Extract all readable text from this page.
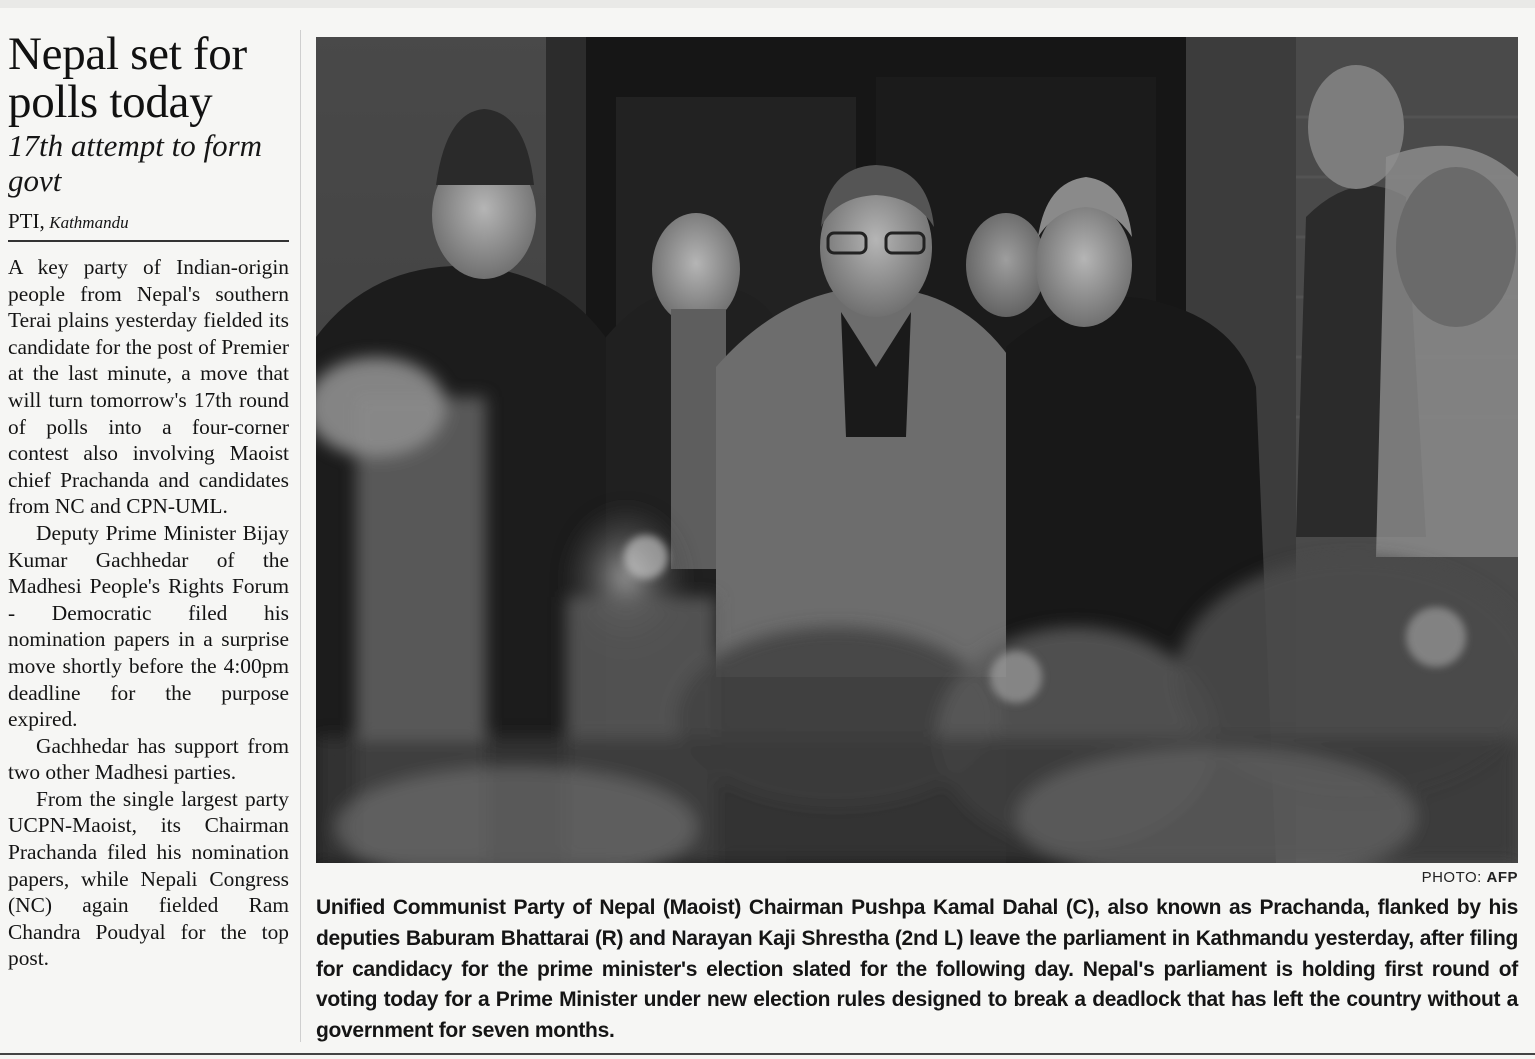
Nepal set for polls today
17th attempt to form govt
PTI, Kathmandu

A key party of Indian-origin people from Nepal's southern Terai plains yesterday fielded its candidate for the post of Premier at the last minute, a move that will turn tomorrow's 17th round of polls into a four-corner contest also involving Maoist chief Prachanda and candidates from NC and CPN-UML.

Deputy Prime Minister Bijay Kumar Gachhedar of the Madhesi People's Rights Forum - Democratic filed his nomination papers in a surprise move shortly before the 4:00pm deadline for the purpose expired.

Gachhedar has support from two other Madhesi parties.

From the single largest party UCPN-Maoist, its Chairman Prachanda filed his nomination papers, while Nepali Congress (NC) again fielded Ram Chandra Poudyal for the top post.

PHOTO: AFP
Unified Communist Party of Nepal (Maoist) Chairman Pushpa Kamal Dahal (C), also known as Prachanda, flanked by his deputies Baburam Bhattarai (R) and Narayan Kaji Shrestha (2nd L) leave the parliament in Kathmandu yesterday, after filing for candidacy for the prime minister's election slated for the following day. Nepal's parliament is holding first round of voting today for a Prime Minister under new election rules designed to break a deadlock that has left the country without a government for seven months.
